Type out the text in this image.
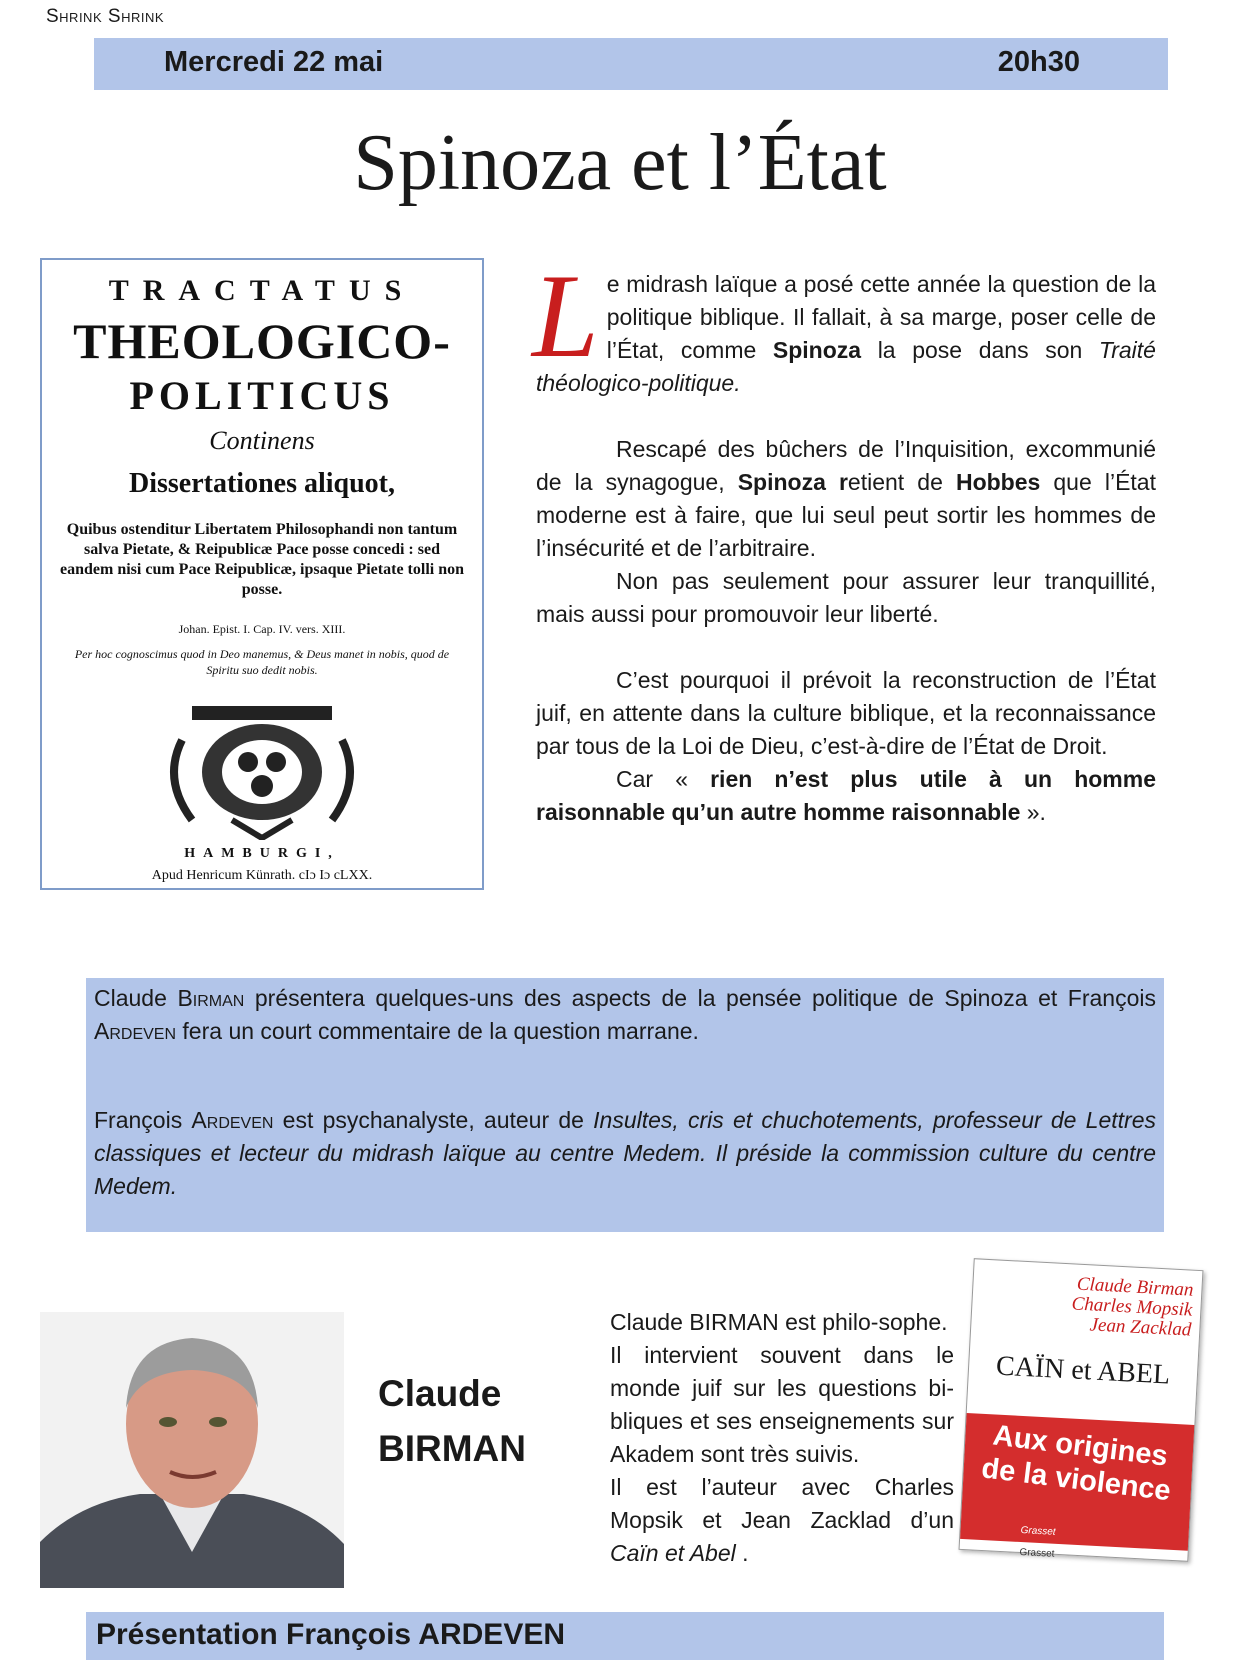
Shrink Shrink
Mercredi 22 mai	20h30
Spinoza et l’État
TRACTATUS
THEOLOGICO-
POLITICUS
Continens
Dissertationes aliquot,
Quibus ostenditur Libertatem Philosophandi non tantum salva Pietate, & Reipublicæ Pace posse concedi : sed eandem nisi cum Pace Reipublicæ, ipsaque Pietate tolli non posse.
Johan. Epist. I. Cap. IV. vers. XIII.
Per hoc cognoscimus quod in Deo manemus, & Deus manet in nobis, quod de Spiritu suo dedit nobis.
HAMBURGI,
Apud Henricum Künrath. cIɔ Iɔ cLXX.

Le midrash laïque a posé cette année la question de la politique biblique. Il fallait, à sa marge, poser celle de l’État, comme Spinoza la pose dans son Traité théologico-politique.

Rescapé des bûchers de l’Inquisition, excommunié de la synagogue, Spinoza retient de Hobbes que l’État moderne est à faire, que lui seul peut sortir les hommes de l’insécurité et de l’arbitraire.

Non pas seulement pour assurer leur tranquillité, mais aussi pour promouvoir leur liberté.

C’est pourquoi il prévoit la reconstruction de l’État juif, en attente dans la culture biblique, et la reconnaissance par tous de la Loi de Dieu, c’est-à-dire de l’État de Droit.

Car « rien n’est plus utile à un homme raisonnable qu’un autre homme raisonnable ».

Claude Birman présentera quelques-uns des aspects de la pensée politique de Spinoza et François Ardeven fera un court commentaire de la question marrane.

François Ardeven est psychanalyste, auteur de Insultes, cris et chuchotements, professeur de Lettres classiques et lecteur du midrash laïque au centre Medem. Il préside la commission culture du centre Medem.

Claude
BIRMAN

Claude BIRMAN est philo-sophe.

Il intervient souvent dans le monde juif sur les questions bi-bliques et ses enseignements sur Akadem sont très suivis.

Il est l’auteur avec Charles Mopsik et Jean Zacklad d’un Caïn et Abel .

Claude Birman
Charles Mopsik
Jean Zacklad
CAÏN et ABEL
Aux origines de la violence
Grasset
Grasset
Présentation François ARDEVEN
